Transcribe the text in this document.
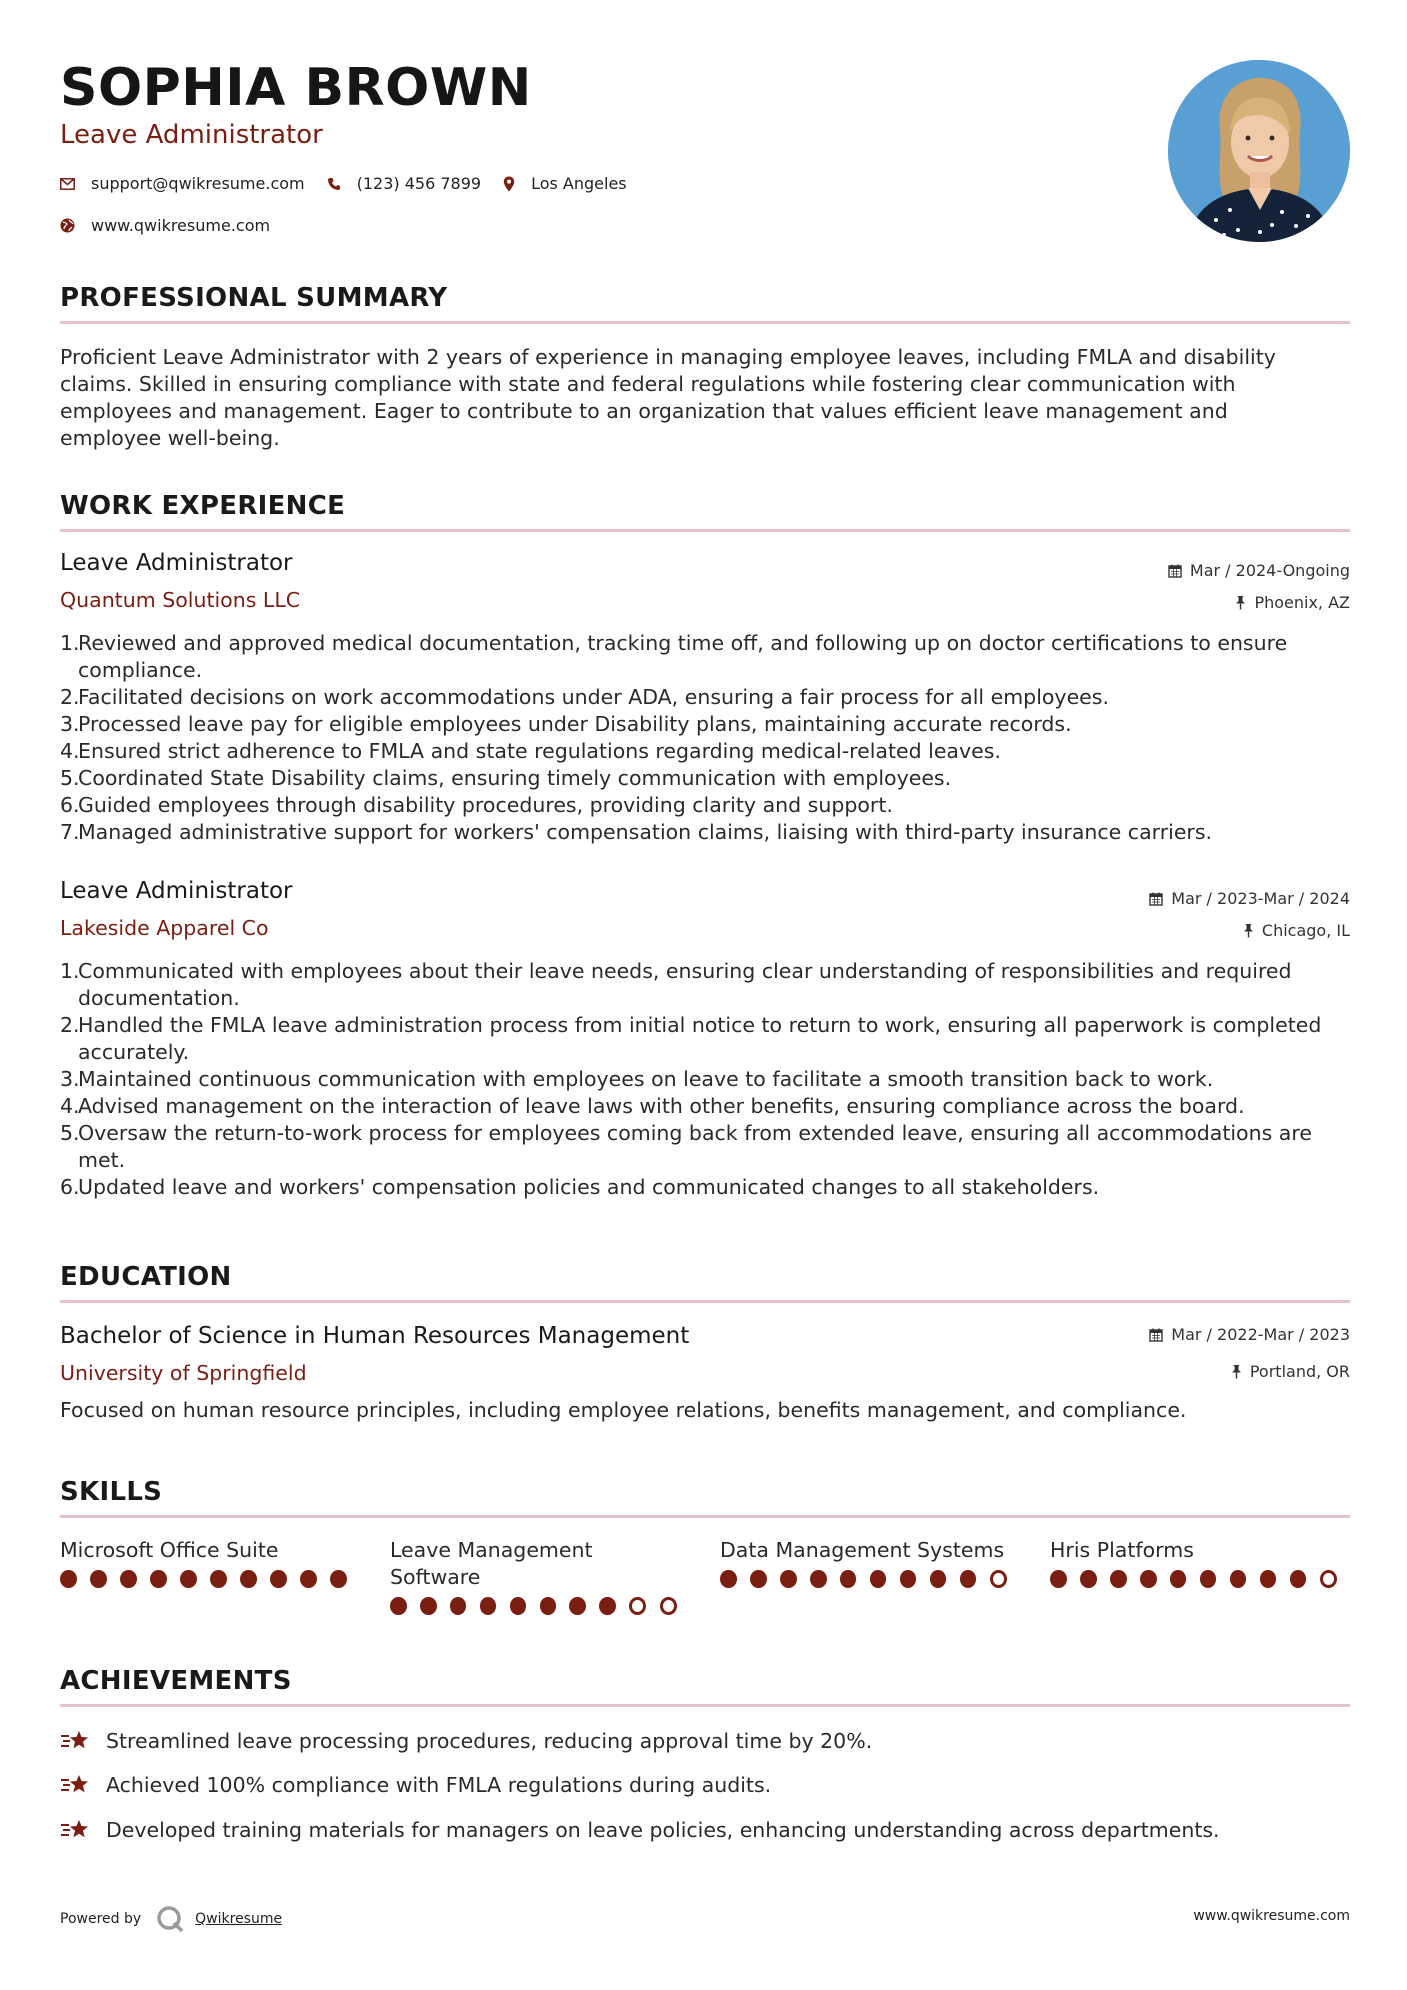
SOPHIA BROWN
Leave Administrator
support@qwikresume.com	(123) 456 7899	Los Angeles
www.qwikresume.com
PROFESSIONAL SUMMARY
Proficient Leave Administrator with 2 years of experience in managing employee leaves, including FMLA and disability
claims. Skilled in ensuring compliance with state and federal regulations while fostering clear communication with
employees and management. Eager to contribute to an organization that values efficient leave management and
employee well-being.
WORK EXPERIENCE
Leave Administrator	Mar / 2024-Ongoing
Quantum Solutions LLC	Phoenix, AZ
1.
Reviewed and approved medical documentation, tracking time off, and following up on doctor certifications to ensure
compliance.
2.
Facilitated decisions on work accommodations under ADA, ensuring a fair process for all employees.
3.
Processed leave pay for eligible employees under Disability plans, maintaining accurate records.
4.
Ensured strict adherence to FMLA and state regulations regarding medical-related leaves.
5.
Coordinated State Disability claims, ensuring timely communication with employees.
6.
Guided employees through disability procedures, providing clarity and support.
7.
Managed administrative support for workers' compensation claims, liaising with third-party insurance carriers.
Leave Administrator	Mar / 2023-Mar / 2024
Lakeside Apparel Co	Chicago, IL
1.
Communicated with employees about their leave needs, ensuring clear understanding of responsibilities and required
documentation.
2.
Handled the FMLA leave administration process from initial notice to return to work, ensuring all paperwork is completed
accurately.
3.
Maintained continuous communication with employees on leave to facilitate a smooth transition back to work.
4.
Advised management on the interaction of leave laws with other benefits, ensuring compliance across the board.
5.
Oversaw the return-to-work process for employees coming back from extended leave, ensuring all accommodations are
met.
6.
Updated leave and workers' compensation policies and communicated changes to all stakeholders.
EDUCATION
Bachelor of Science in Human Resources Management	Mar / 2022-Mar / 2023
University of Springfield	Portland, OR
Focused on human resource principles, including employee relations, benefits management, and compliance.
SKILLS
Microsoft Office Suite	Leave Management
Software
Data Management Systems	Hris Platforms
ACHIEVEMENTS
Streamlined leave processing procedures, reducing approval time by 20%.
Achieved 100% compliance with FMLA regulations during audits.
Developed training materials for managers on leave policies, enhancing understanding across departments.
Powered by	Qwikresume	www.qwikresume.com
